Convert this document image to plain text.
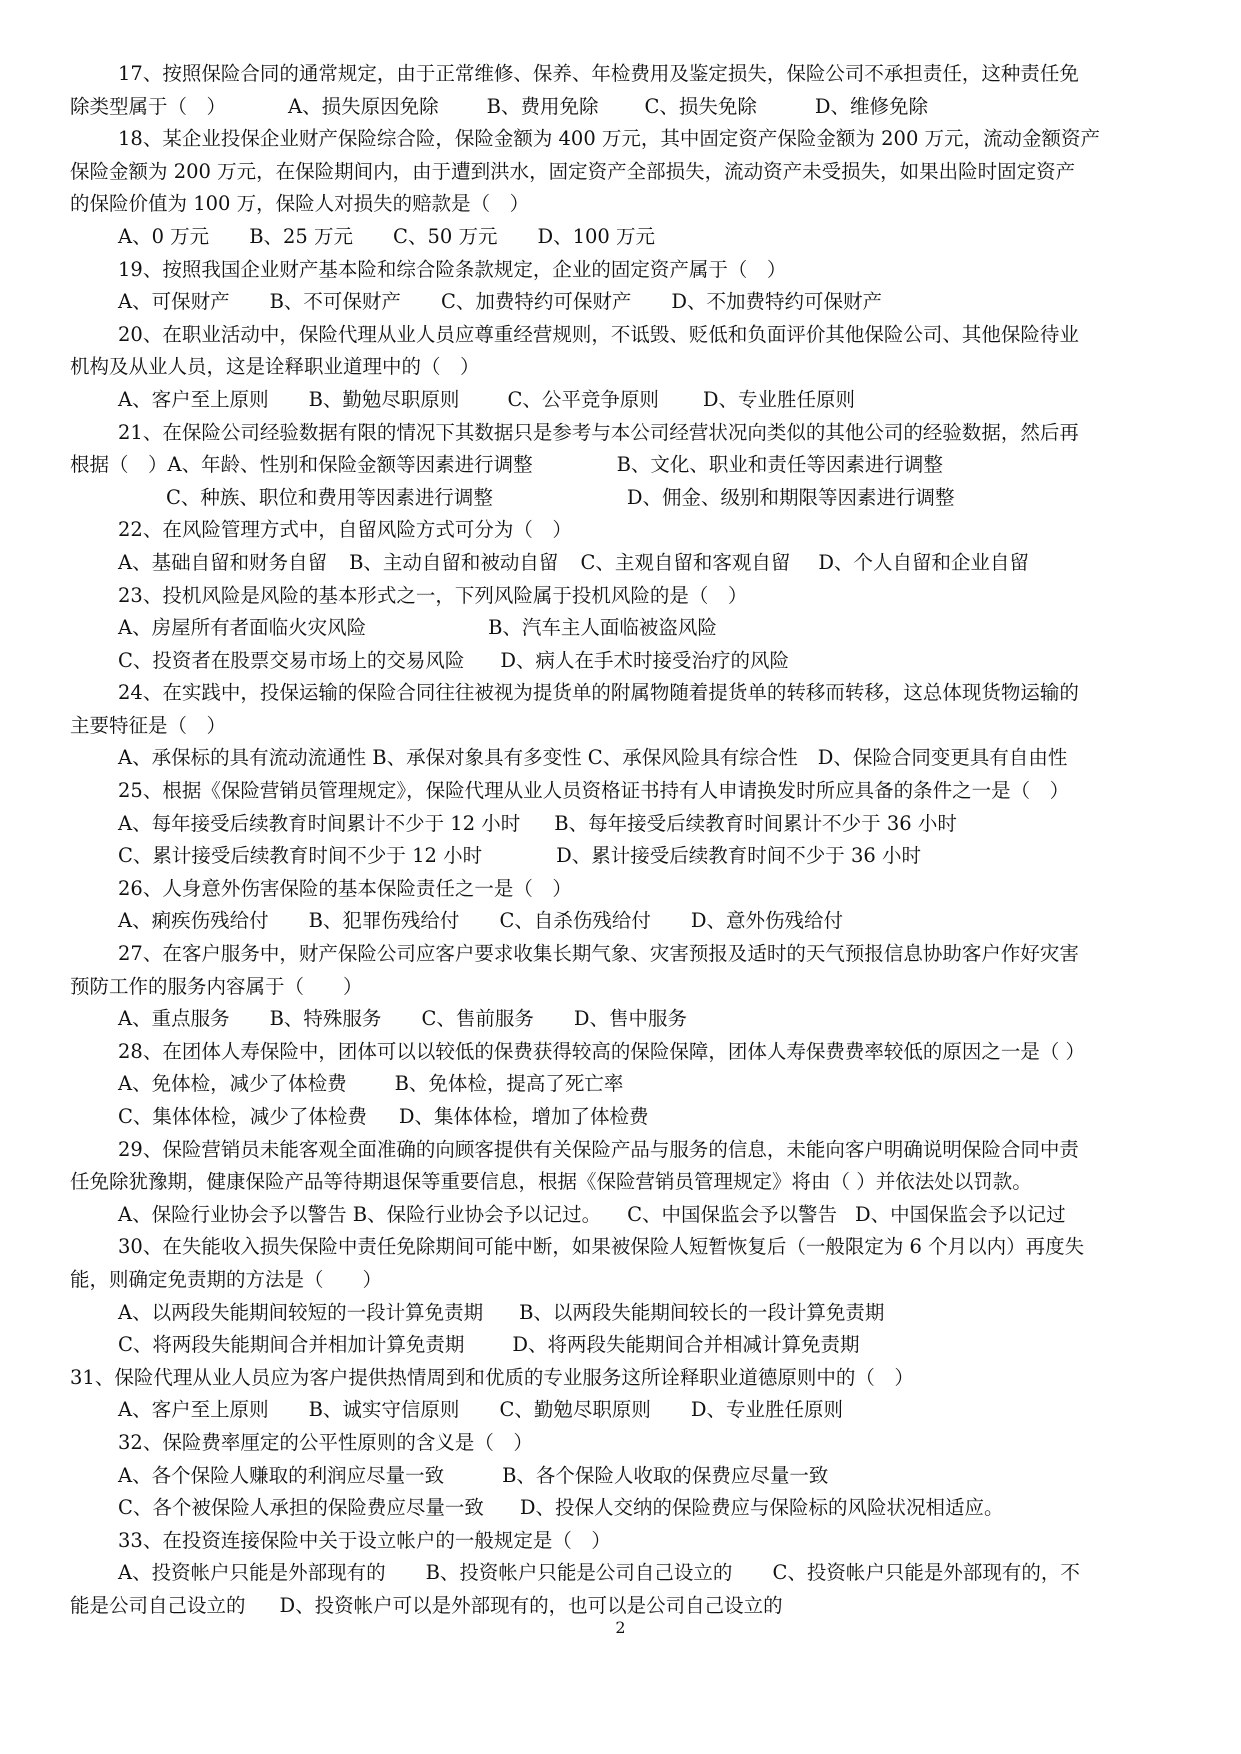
17、按照保险合同的通常规定，由于正常维修、保养、年检费用及鉴定损失，保险公司不承担责任，这种责任免
除类型属于（　）	A、损失原因免除 B、费用免除 C、损失免除	D、维修免除
18、某企业投保企业财产保险综合险，保险金额为 400 万元，其中固定资产保险金额为 200 万元，流动金额资产
保险金额为 200 万元，在保险期间内，由于遭到洪水，固定资产全部损失，流动资产未受损失，如果出险时固定资产
的保险价值为 100 万，保险人对损失的赔款是（　）
A、0 万元 B、25 万元 C、50 万元 D、100 万元
19、按照我国企业财产基本险和综合险条款规定，企业的固定资产属于（　）
A、可保财产 B、不可保财产 C、加费特约可保财产 D、不加费特约可保财产
20、在职业活动中，保险代理从业人员应尊重经营规则，不诋毁、贬低和负面评价其他保险公司、其他保险待业
机构及从业人员，这是诠释职业道理中的（　）
A、客户至上原则 B、勤勉尽职原则 C、公平竞争原则 D、专业胜任原则
21、在保险公司经验数据有限的情况下其数据只是参考与本公司经营状况向类似的其他公司的经验数据，然后再
根据（　）A、年龄、性别和保险金额等因素进行调整	B、文化、职业和责任等因素进行调整
C、种族、职位和费用等因素进行调整	D、佣金、级别和期限等因素进行调整
22、在风险管理方式中，自留风险方式可分为（　）
A、基础自留和财务自留 B、主动自留和被动自留 C、主观自留和客观自留 D、个人自留和企业自留
23、投机风险是风险的基本形式之一，下列风险属于投机风险的是（　）
A、房屋所有者面临火灾风险	B、汽车主人面临被盗风险
C、投资者在股票交易市场上的交易风险 D、病人在手术时接受治疗的风险
24、在实践中，投保运输的保险合同往往被视为提货单的附属物随着提货单的转移而转移，这总体现货物运输的
主要特征是（　）
A、承保标的具有流动流通性 B、承保对象具有多变性 C、承保风险具有综合性 D、保险合同变更具有自由性
25、根据《保险营销员管理规定》，保险代理从业人员资格证书持有人申请换发时所应具备的条件之一是（　）
A、每年接受后续教育时间累计不少于 12 小时 B、每年接受后续教育时间累计不少于 36 小时
C、累计接受后续教育时间不少于 12 小时	D、累计接受后续教育时间不少于 36 小时
26、人身意外伤害保险的基本保险责任之一是（　）
A、痢疾伤残给付 B、犯罪伤残给付 C、自杀伤残给付 D、意外伤残给付
27、在客户服务中，财产保险公司应客户要求收集长期气象、灾害预报及适时的天气预报信息协助客户作好灾害
预防工作的服务内容属于（　　）
A、重点服务 B、特殊服务 C、售前服务 D、售中服务
28、在团体人寿保险中，团体可以以较低的保费获得较高的保险保障，团体人寿保费费率较低的原因之一是（ ）
A、免体检，减少了体检费 B、免体检，提高了死亡率
C、集体体检，减少了体检费 D、集体体检，增加了体检费
29、保险营销员未能客观全面准确的向顾客提供有关保险产品与服务的信息，未能向客户明确说明保险合同中责
任免除犹豫期，健康保险产品等待期退保等重要信息，根据《保险营销员管理规定》将由（ ）并依法处以罚款。
A、保险行业协会予以警告 B、保险行业协会予以记过。 C、中国保监会予以警告 D、中国保监会予以记过
30、在失能收入损失保险中责任免除期间可能中断，如果被保险人短暂恢复后（一般限定为 6 个月以内）再度失
能，则确定免责期的方法是（　　）
A、以两段失能期间较短的一段计算免责期 B、以两段失能期间较长的一段计算免责期
C、将两段失能期间合并相加计算免责期 D、将两段失能期间合并相减计算免责期
31、保险代理从业人员应为客户提供热情周到和优质的专业服务这所诠释职业道德原则中的（　）
A、客户至上原则 B、诚实守信原则 C、勤勉尽职原则 D、专业胜任原则
32、保险费率厘定的公平性原则的含义是（　）
A、各个保险人赚取的利润应尽量一致	B、各个保险人收取的保费应尽量一致
C、各个被保险人承担的保险费应尽量一致 D、投保人交纳的保险费应与保险标的风险状况相适应。
33、在投资连接保险中关于设立帐户的一般规定是（　）
A、投资帐户只能是外部现有的 B、投资帐户只能是公司自己设立的 C、投资帐户只能是外部现有的，不
能是公司自己设立的 D、投资帐户可以是外部现有的，也可以是公司自己设立的
2
